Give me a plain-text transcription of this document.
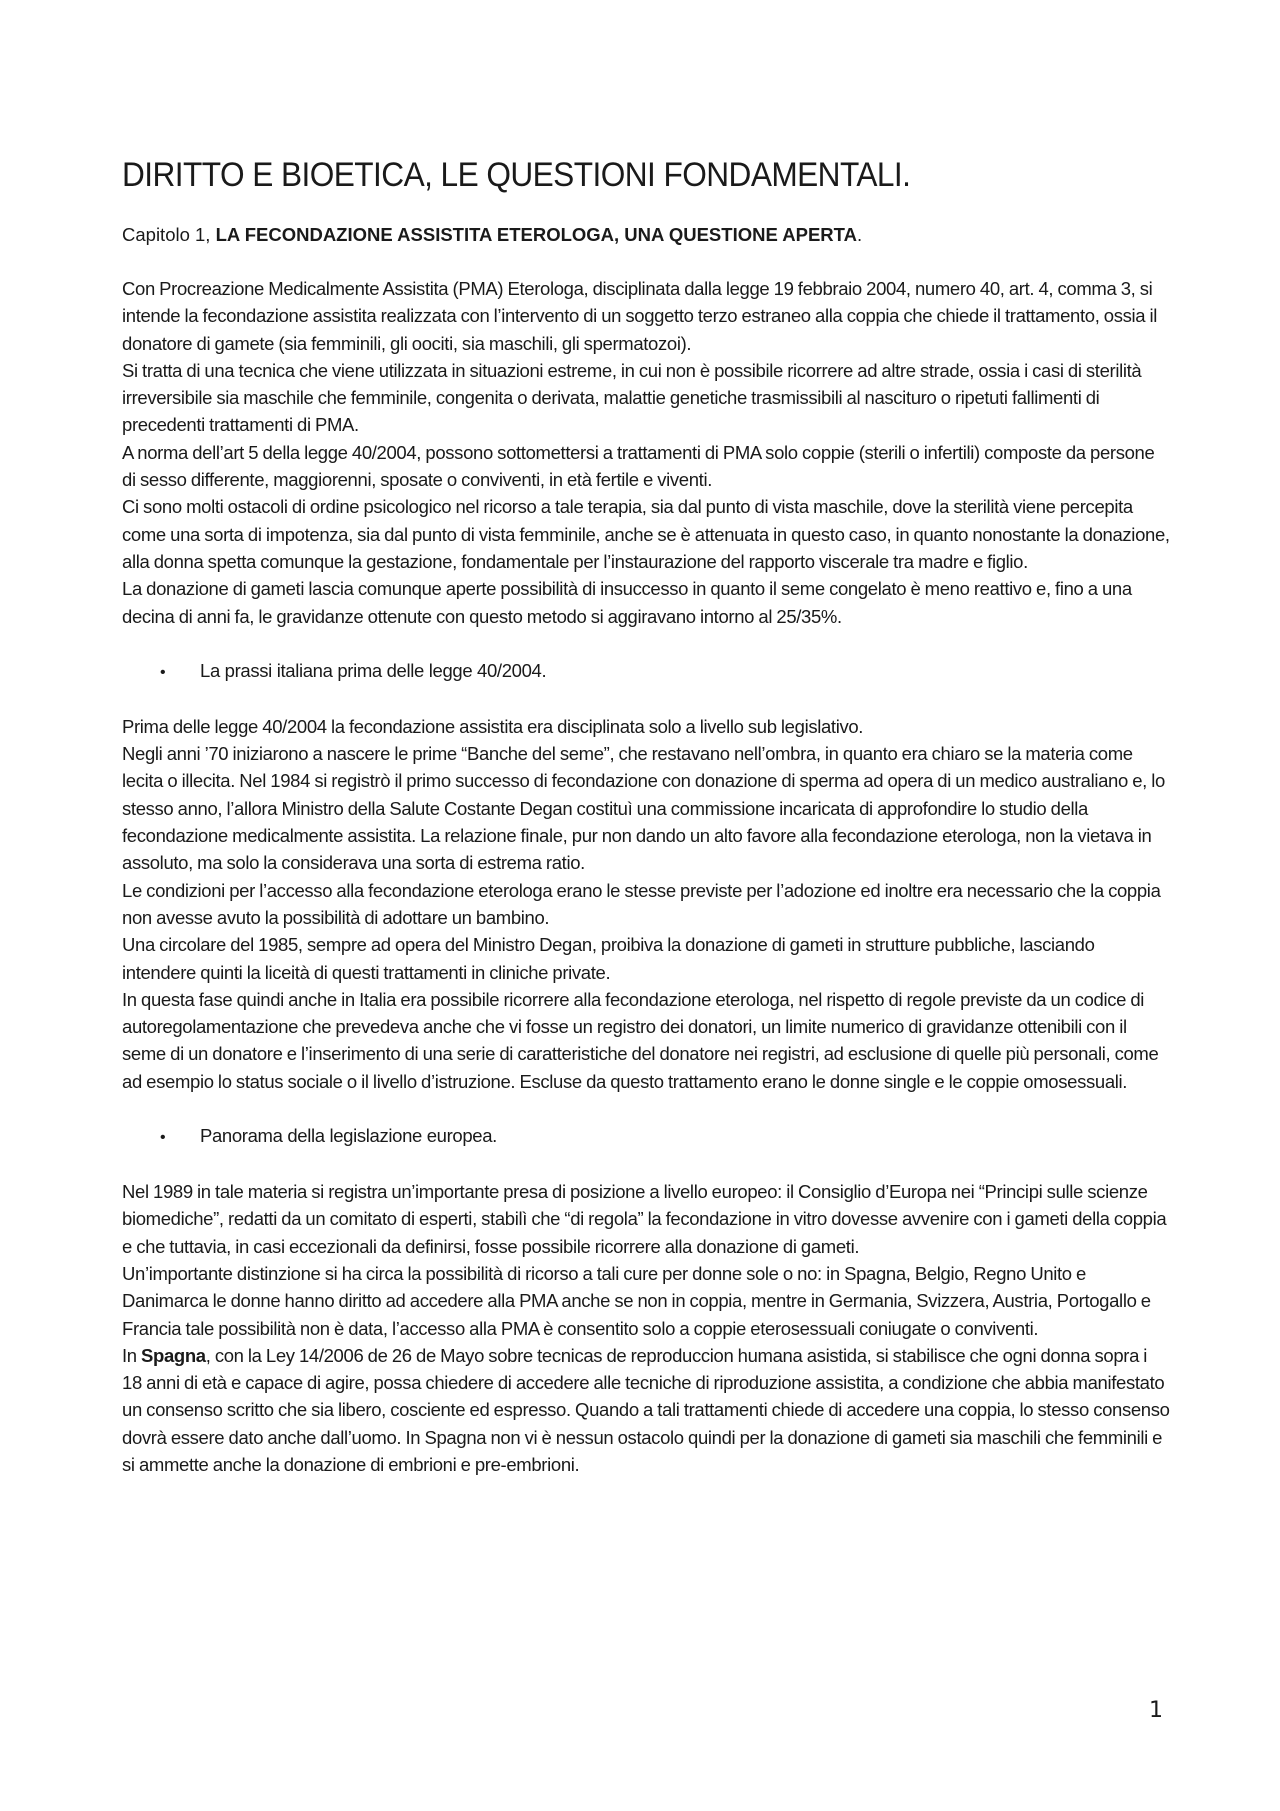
DIRITTO E BIOETICA, LE QUESTIONI FONDAMENTALI.

Capitolo 1, LA FECONDAZIONE ASSISTITA ETEROLOGA, UNA QUESTIONE APERTA.

Con Procreazione Medicalmente Assistita (PMA) Eterologa, disciplinata dalla legge 19 febbraio 2004, numero 40, art. 4, comma 3, si intende la fecondazione assistita realizzata con l’intervento di un soggetto terzo estraneo alla coppia che chiede il trattamento, ossia il donatore di gamete (sia femminili, gli oociti, sia maschili, gli spermatozoi).

Si tratta di una tecnica che viene utilizzata in situazioni estreme, in cui non è possibile ricorrere ad altre strade, ossia i casi di sterilità irreversibile sia maschile che femminile, congenita o derivata, malattie genetiche trasmissibili al nascituro o ripetuti fallimenti di precedenti trattamenti di PMA.

A norma dell’art 5 della legge 40/2004, possono sottomettersi a trattamenti di PMA solo coppie (sterili o infertili) composte da persone di sesso differente, maggiorenni, sposate o conviventi, in età fertile e viventi.

Ci sono molti ostacoli di ordine psicologico nel ricorso a tale terapia, sia dal punto di vista maschile, dove la sterilità viene percepita come una sorta di impotenza, sia dal punto di vista femminile, anche se è attenuata in questo caso, in quanto nonostante la donazione, alla donna spetta comunque la gestazione, fondamentale per l’instaurazione del rapporto viscerale tra madre e figlio.

La donazione di gameti lascia comunque aperte possibilità di insuccesso in quanto il seme congelato è meno reattivo e, fino a una decina di anni fa, le gravidanze ottenute con questo metodo si aggiravano intorno al 25/35%.

•	La prassi italiana prima delle legge 40/2004.

Prima delle legge 40/2004 la fecondazione assistita era disciplinata solo a livello sub legislativo.

Negli anni ’70 iniziarono a nascere le prime “Banche del seme”, che restavano nell’ombra, in quanto era chiaro se la materia come lecita o illecita. Nel 1984 si registrò il primo successo di fecondazione con donazione di sperma ad opera di un medico australiano e, lo stesso anno, l’allora Ministro della Salute Costante Degan costituì una commissione incaricata di approfondire lo studio della fecondazione medicalmente assistita. La relazione finale, pur non dando un alto favore alla fecondazione eterologa, non la vietava in assoluto, ma solo la considerava una sorta di estrema ratio.

Le condizioni per l’accesso alla fecondazione eterologa erano le stesse previste per l’adozione ed inoltre era necessario che la coppia non avesse avuto la possibilità di adottare un bambino.

Una circolare del 1985, sempre ad opera del Ministro Degan, proibiva la donazione di gameti in strutture pubbliche, lasciando intendere quinti la liceità di questi trattamenti in cliniche private.

In questa fase quindi anche in Italia era possibile ricorrere alla fecondazione eterologa, nel rispetto di regole previste da un codice di autoregolamentazione che prevedeva anche che vi fosse un registro dei donatori, un limite numerico di gravidanze ottenibili con il seme di un donatore e l’inserimento di una serie di caratteristiche del donatore nei registri, ad esclusione di quelle più personali, come ad esempio lo status sociale o il livello d’istruzione. Escluse da questo trattamento erano le donne single e le coppie omosessuali.

•	Panorama della legislazione europea.

Nel 1989 in tale materia si registra un’importante presa di posizione a livello europeo: il Consiglio d’Europa nei “Principi sulle scienze biomediche”, redatti da un comitato di esperti, stabilì che “di regola” la fecondazione in vitro dovesse avvenire con i gameti della coppia e che tuttavia, in casi eccezionali da definirsi, fosse possibile ricorrere alla donazione di gameti.

Un’importante distinzione si ha circa la possibilità di ricorso a tali cure per donne sole o no: in Spagna, Belgio, Regno Unito e Danimarca le donne hanno diritto ad accedere alla PMA anche se non in coppia, mentre in Germania, Svizzera, Austria, Portogallo e Francia tale possibilità non è data, l’accesso alla PMA è consentito solo a coppie eterosessuali coniugate o conviventi.

In Spagna, con la Ley 14/2006 de 26 de Mayo sobre tecnicas de reproduccion humana asistida, si stabilisce che ogni donna sopra i 18 anni di età e capace di agire, possa chiedere di accedere alle tecniche di riproduzione assistita, a condizione che abbia manifestato un consenso scritto che sia libero, cosciente ed espresso. Quando a tali trattamenti chiede di accedere una coppia, lo stesso consenso dovrà essere dato anche dall’uomo. In Spagna non vi è nessun ostacolo quindi per la donazione di gameti sia maschili che femminili e si ammette anche la donazione di embrioni e pre-embrioni.

1
